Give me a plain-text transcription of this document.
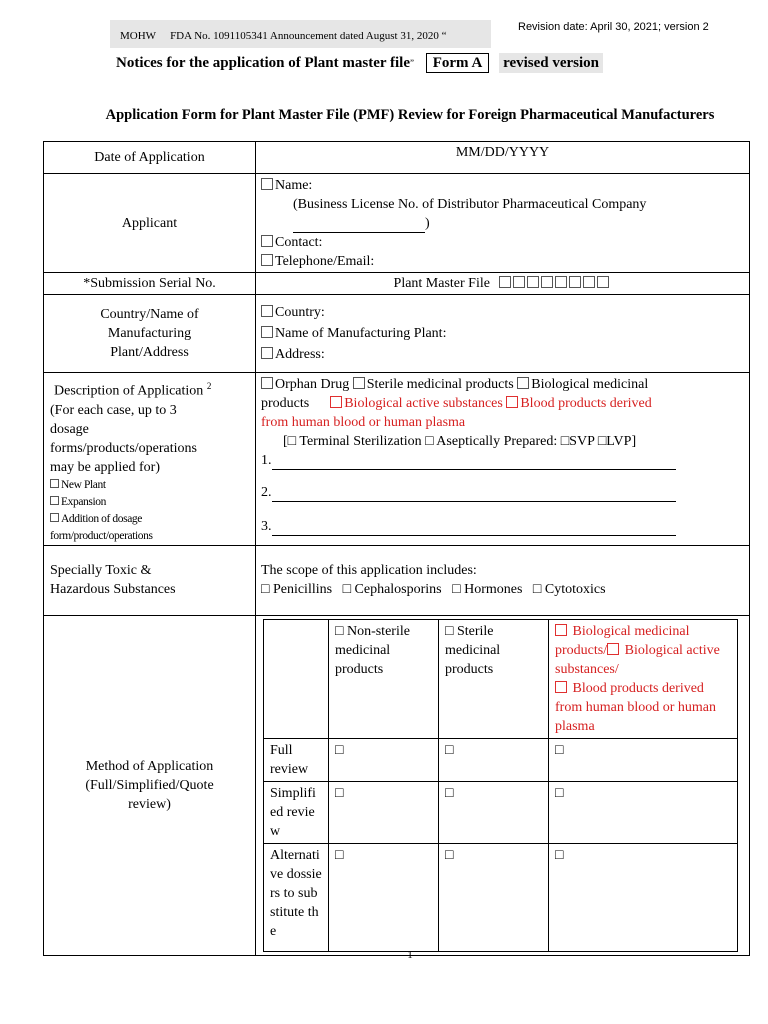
MOHW FDA No. 1091105341 Announcement dated August 31, 2020 “
Revision date: April 30, 2021; version 2
Notices for the application of Plant master file” Form A revised version
Application Form for Plant Master File (PMF) Review for Foreign Pharmaceutical Manufacturers
Date of Application	MM/DD/YYYY
Applicant	
Name:
(Business License No. of Distributor Pharmaceutical Company
)
Contact:
Telephone/Email:

*Submission Serial No.	Plant Master File

Country/Name of
Manufacturing
Plant/Address

Country:
Name of Manufacturing Plant:
Address:

Description of Application $^2$
(For each case, up to 3
dosage
forms/products/operations
may be applied for)
New Plant
Expansion
Addition of dosage
form/product/operations

Orphan Drug Sterile medicinal products Biological medicinal
products	Biological active substances Blood products derived
from human blood or human plasma
[□ Terminal Sterilization □ Aseptically Prepared: □SVP □LVP]
1.
2.
3.

Specially Toxic &
Hazardous Substances

The scope of this application includes:
□ Penicillins   □ Cephalosporins   □ Hormones   □ Cytotoxics

Method of Application
(Full/Simplified/Quote
review)

	□ Non-sterile medicinal products	□ Sterile medicinal products	Biological medicinal products/ Biological active substances/
Blood products derived from human blood or human plasma
Full review	□	□	□
Simplified review	□	□	□
Alternative dossiers to substitute the	□	□	□
1
